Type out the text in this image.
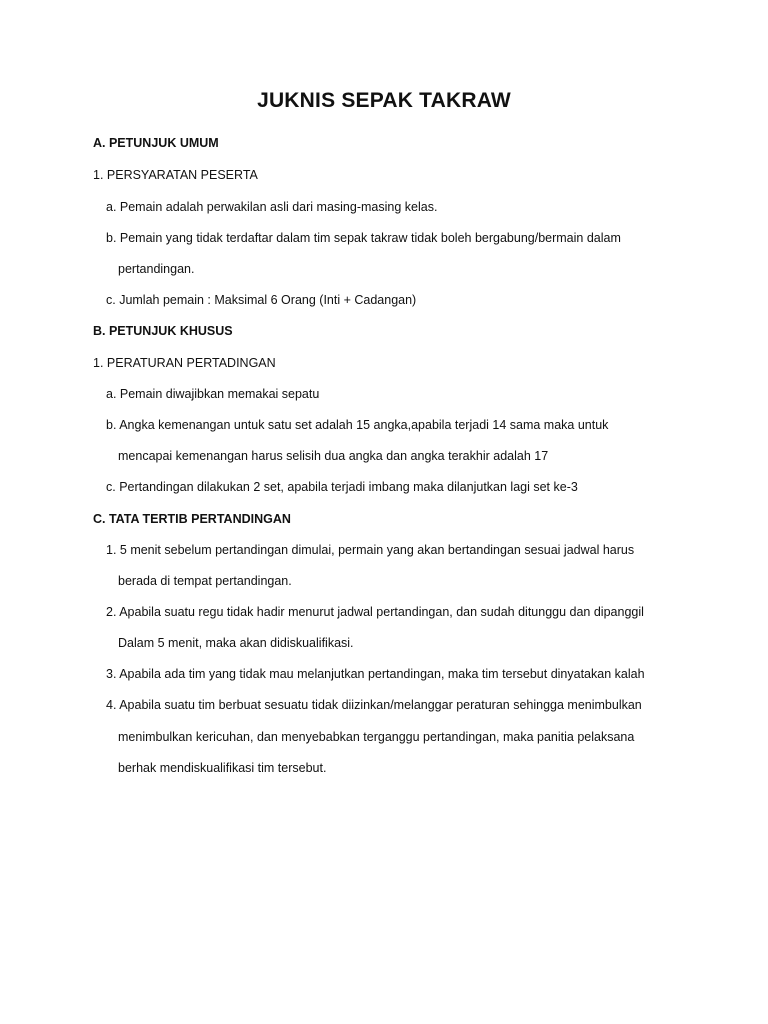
JUKNIS SEPAK TAKRAW
A. PETUNJUK UMUM
1. PERSYARATAN PESERTA
a. Pemain adalah perwakilan asli dari masing-masing kelas.
b. Pemain yang tidak terdaftar dalam tim sepak takraw tidak boleh bergabung/bermain dalam
pertandingan.
c. Jumlah pemain : Maksimal 6 Orang (Inti + Cadangan)
B. PETUNJUK KHUSUS
1. PERATURAN PERTADINGAN
a. Pemain diwajibkan memakai sepatu
b. Angka kemenangan untuk satu set adalah 15 angka,apabila terjadi 14 sama maka untuk
mencapai kemenangan harus selisih dua angka dan angka terakhir adalah 17
c. Pertandingan dilakukan 2 set, apabila terjadi imbang maka dilanjutkan lagi set ke-3
C. TATA TERTIB PERTANDINGAN
1. 5 menit sebelum pertandingan dimulai, permain yang akan bertandingan sesuai jadwal harus
berada di tempat pertandingan.
2. Apabila suatu regu tidak hadir menurut jadwal pertandingan, dan sudah ditunggu dan dipanggil
Dalam 5 menit, maka akan didiskualifikasi.
3. Apabila ada tim yang tidak mau melanjutkan pertandingan, maka tim tersebut dinyatakan kalah
4. Apabila suatu tim berbuat sesuatu tidak diizinkan/melanggar peraturan sehingga menimbulkan
menimbulkan kericuhan, dan menyebabkan terganggu pertandingan, maka panitia pelaksana
berhak mendiskualifikasi tim tersebut.
